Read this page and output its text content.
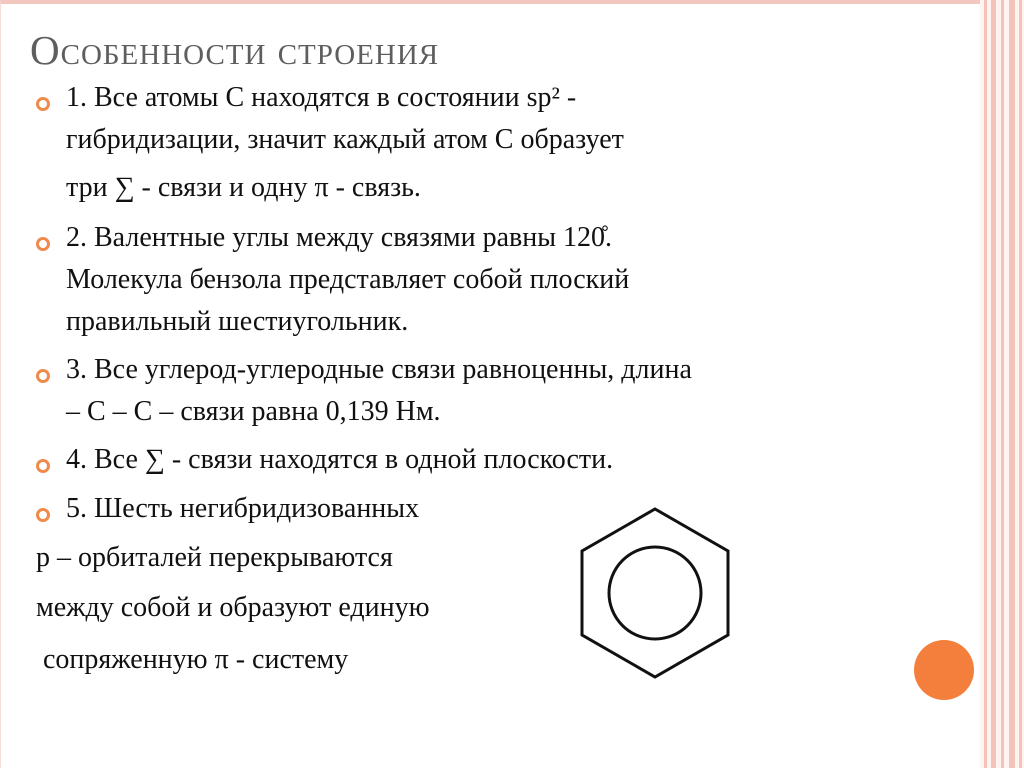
Особенности строения
1. Все атомы С находятся в состоянии sp² -
гибридизации, значит каждый атом С образует
три ∑ - связи и одну π - связь.
2. Валентные углы между связями равны 120̊.
Молекула бензола представляет собой плоский
правильный шестиугольник.
3. Все углерод-углеродные связи равноценны, длина
– С – С – связи равна 0,139 Нм.
4. Все ∑ - связи находятся в одной плоскости.
5. Шесть негибридизованных
р – орбиталей перекрываются
между собой и образуют единую
сопряженную π - систему
